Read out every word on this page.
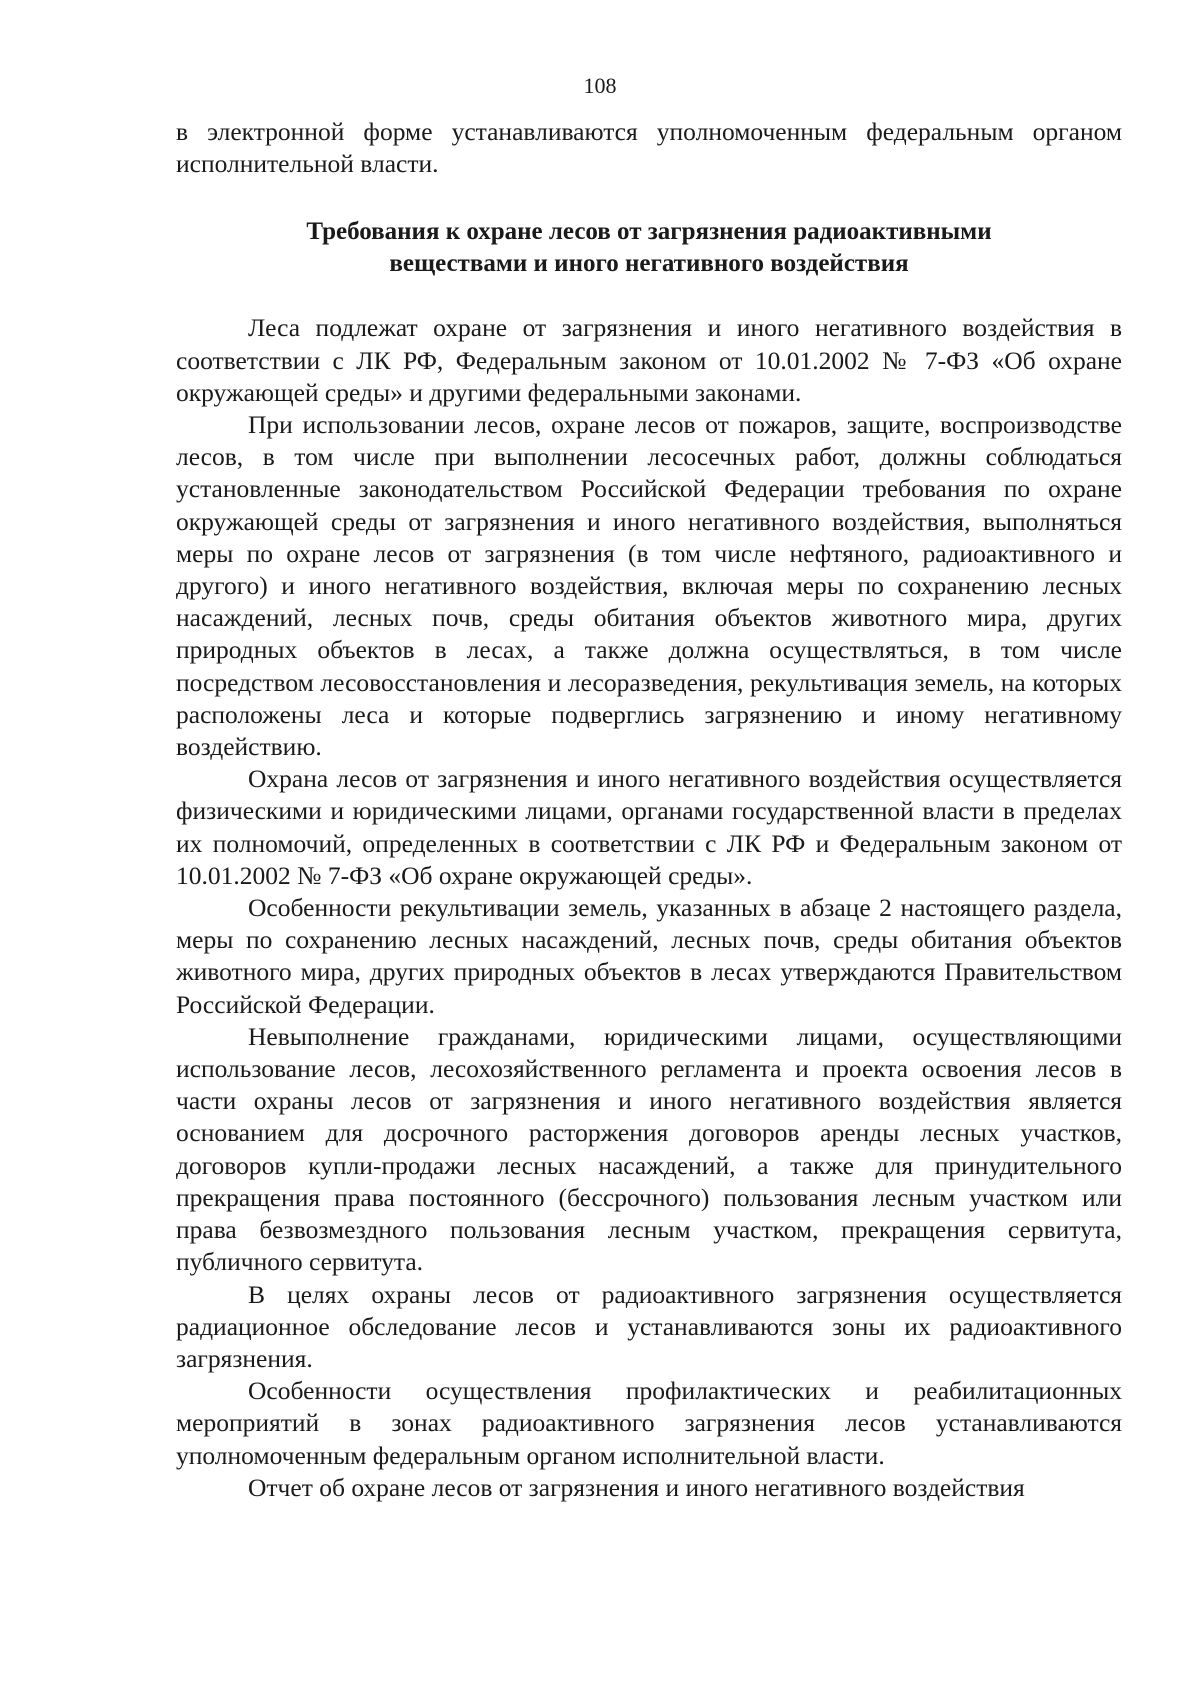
108

в электронной форме устанавливаются уполномоченным федеральным органом исполнительной власти.

Требования к охране лесов от загрязнения радиоактивными
веществами и иного негативного воздействия

Леса подлежат охране от загрязнения и иного негативного воздействия в соответствии с ЛК РФ, Федеральным законом от 10.01.2002 № 7-ФЗ «Об охране окружающей среды» и другими федеральными законами.

При использовании лесов, охране лесов от пожаров, защите, воспроизводстве лесов, в том числе при выполнении лесосечных работ, должны соблюдаться установленные законодательством Российской Федерации требования по охране окружающей среды от загрязнения и иного негативного воздействия, выполняться меры по охране лесов от загрязнения (в том числе нефтяного, радиоактивного и другого) и иного негативного воздействия, включая меры по сохранению лесных насаждений, лесных почв, среды обитания объектов животного мира, других природных объектов в лесах, а также должна осуществляться, в том числе посредством лесовосстановления и лесоразведения, рекультивация земель, на которых расположены леса и которые подверглись загрязнению и иному негативному воздействию.

Охрана лесов от загрязнения и иного негативного воздействия осуществляется физическими и юридическими лицами, органами государственной власти в пределах их полномочий, определенных в соответствии с ЛК РФ и Федеральным законом от 10.01.2002 № 7-ФЗ «Об охране окружающей среды».

Особенности рекультивации земель, указанных в абзаце 2 настоящего раздела, меры по сохранению лесных насаждений, лесных почв, среды обитания объектов животного мира, других природных объектов в лесах утверждаются Правительством Российской Федерации.

Невыполнение гражданами, юридическими лицами, осуществляющими использование лесов, лесохозяйственного регламента и проекта освоения лесов в части охраны лесов от загрязнения и иного негативного воздействия является основанием для досрочного расторжения договоров аренды лесных участков, договоров купли-продажи лесных насаждений, а также для принудительного прекращения права постоянного (бессрочного) пользования лесным участком или права безвозмездного пользования лесным участком, прекращения сервитута, публичного сервитута.

В целях охраны лесов от радиоактивного загрязнения осуществляется радиационное обследование лесов и устанавливаются зоны их радиоактивного загрязнения.

Особенности осуществления профилактических и реабилитационных мероприятий в зонах радиоактивного загрязнения лесов устанавливаются уполномоченным федеральным органом исполнительной власти.

Отчет об охране лесов от загрязнения и иного негативного воздействия
